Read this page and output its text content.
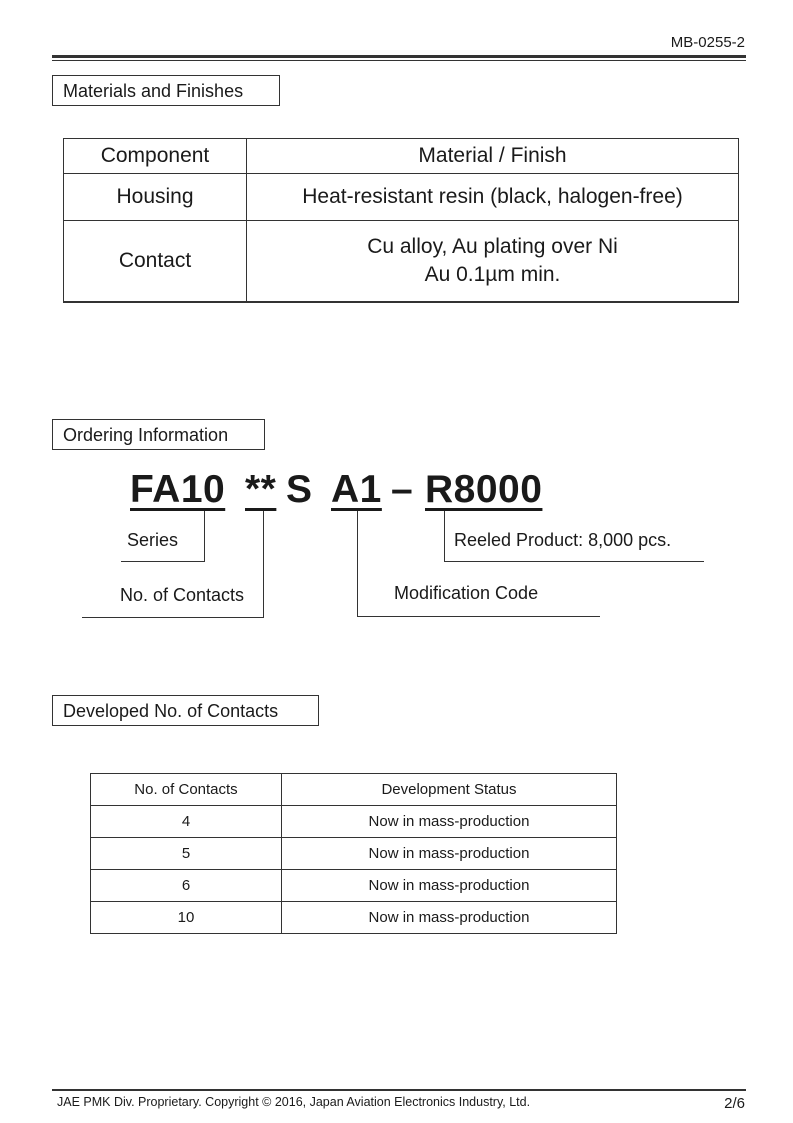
MB-0255-2
Materials and Finishes
Component	Material / Finish
Housing	Heat-resistant resin (black, halogen-free)
Contact	Cu alloy, Au plating over Ni
Au 0.1µm min.
Ordering Information
FA10 ** S A1 – R8000
Series
No. of Contacts	Modification Code
Reeled Product: 8,000 pcs.
Developed No. of Contacts
No. of Contacts	Development Status
4	Now in mass-production
5	Now in mass-production
6	Now in mass-production
10	Now in mass-production
JAE PMK Div. Proprietary. Copyright © 2016, Japan Aviation Electronics Industry, Ltd.	2/6
